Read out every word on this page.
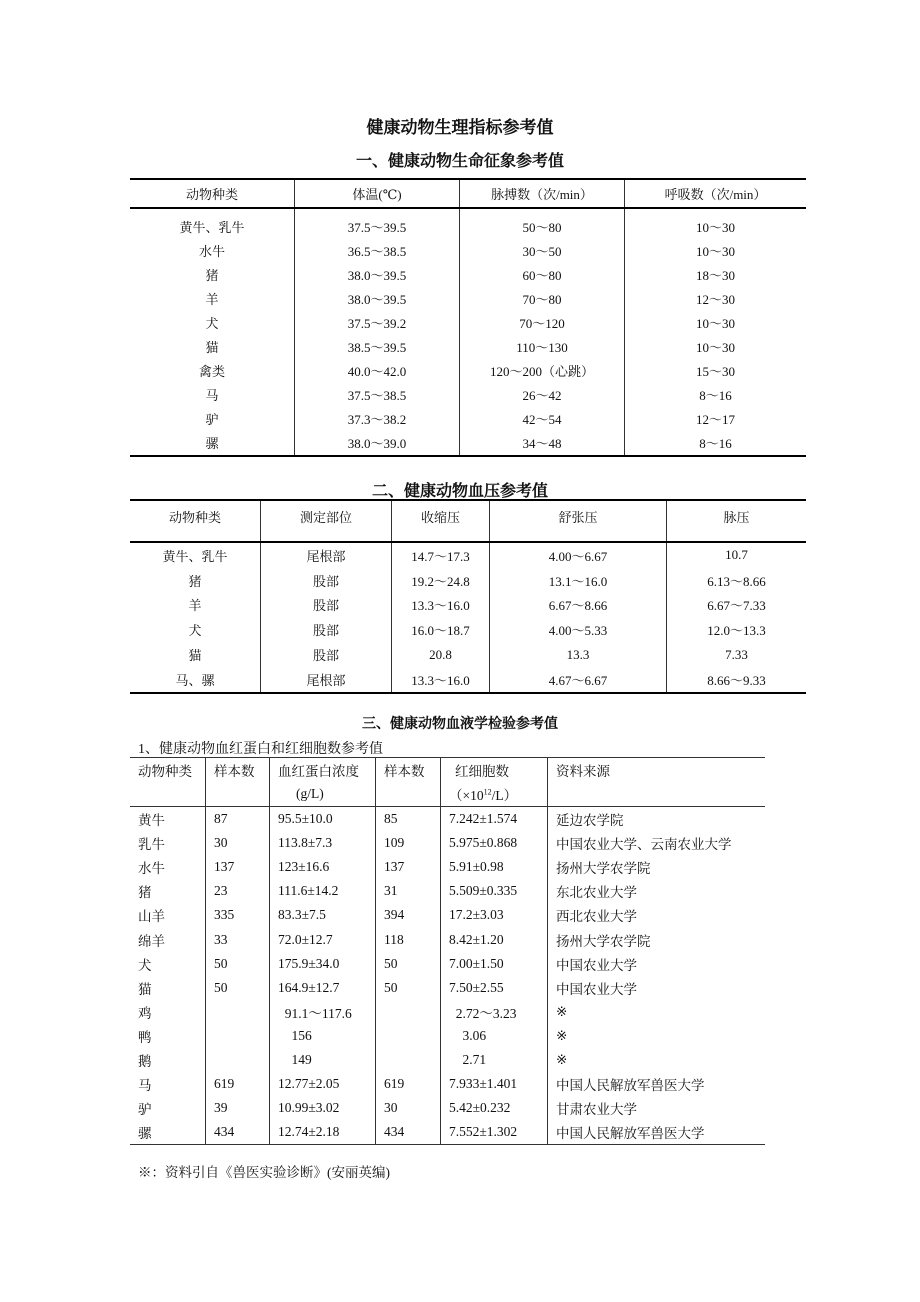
健康动物生理指标参考值
一、健康动物生命征象参考值
动物种类	体温(℃)	脉搏数（次/min）	呼吸数（次/min）
黄牛、乳牛	37.5～39.5	50～80	10～30
水牛	36.5～38.5	30～50	10～30
猪	38.0～39.5	60～80	18～30
羊	38.0～39.5	70～80	12～30
犬	37.5～39.2	70～120	10～30
猫	38.5～39.5	110～130	10～30
禽类	40.0～42.0	120～200（心跳）	15～30
马	37.5～38.5	26～42	8～16
驴	37.3～38.2	42～54	12～17
骡	38.0～39.0	34～48	8～16
二、健康动物血压参考值
动物种类	测定部位	收缩压	舒张压	脉压
黄牛、乳牛	尾根部	14.7～17.3	4.00～6.67	10.7
猪	股部	19.2～24.8	13.1～16.0	6.13～8.66
羊	股部	13.3～16.0	6.67～8.66	6.67～7.33
犬	股部	16.0～18.7	4.00～5.33	12.0～13.3
猫	股部	20.8	13.3	7.33
马、骡	尾根部	13.3～16.0	4.67～6.67	8.66～9.33
三、健康动物血液学检验参考值
1、健康动物血红蛋白和红细胞数参考值
动物种类	样本数	血红蛋白浓度	样本数	红细胞数	资料来源
		(g/L)		$(\times 10^{12}/L)$	
黄牛	87	95.5±10.0	85	7.242±1.574	延边农学院
乳牛	30	113.8±7.3	109	5.975±0.868	中国农业大学、云南农业大学
水牛	137	123±16.6	137	5.91±0.98	扬州大学农学院
猪	23	111.6±14.2	31	5.509±0.335	东北农业大学
山羊	335	83.3±7.5	394	17.2±3.03	西北农业大学
绵羊	33	72.0±12.7	118	8.42±1.20	扬州大学农学院
犬	50	175.9±34.0	50	7.00±1.50	中国农业大学
猫	50	164.9±12.7	50	7.50±2.55	中国农业大学
鸡		91.1～117.6		2.72～3.23	※
鸭		156		3.06	※
鹅		149		2.71	※
马	619	12.77±2.05	619	7.933±1.401	中国人民解放军兽医大学
驴	39	10.99±3.02	30	5.42±0.232	甘肃农业大学
骡	434	12.74±2.18	434	7.552±1.302	中国人民解放军兽医大学
※：资料引自《兽医实验诊断》(安丽英编)
